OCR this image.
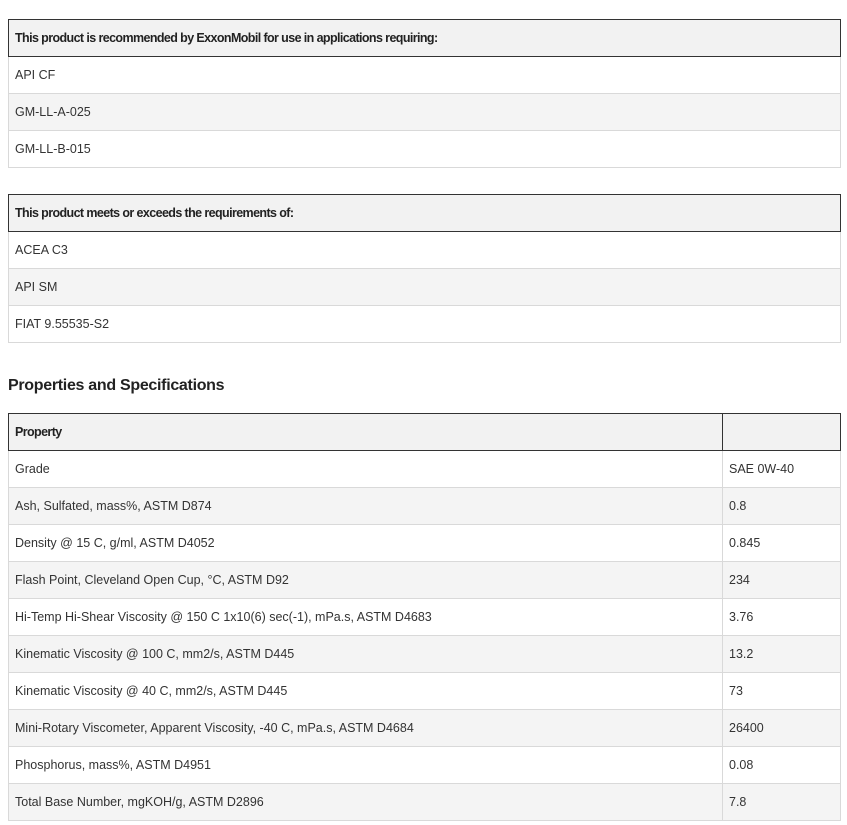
This product is recommended by ExxonMobil for use in applications requiring:
API CF
GM-LL-A-025
GM-LL-B-015
This product meets or exceeds the requirements of:
ACEA C3
API SM
FIAT 9.55535-S2
Properties and Specifications
Property	
Grade	SAE 0W-40
Ash, Sulfated, mass%, ASTM D874	0.8
Density @ 15 C, g/ml, ASTM D4052	0.845
Flash Point, Cleveland Open Cup, °C, ASTM D92	234
Hi-Temp Hi-Shear Viscosity @ 150 C 1x10(6) sec(-1), mPa.s, ASTM D4683	3.76
Kinematic Viscosity @ 100 C, mm2/s, ASTM D445	13.2
Kinematic Viscosity @ 40 C, mm2/s, ASTM D445	73
Mini-Rotary Viscometer, Apparent Viscosity, -40 C, mPa.s, ASTM D4684	26400
Phosphorus, mass%, ASTM D4951	0.08
Total Base Number, mgKOH/g, ASTM D2896	7.8
